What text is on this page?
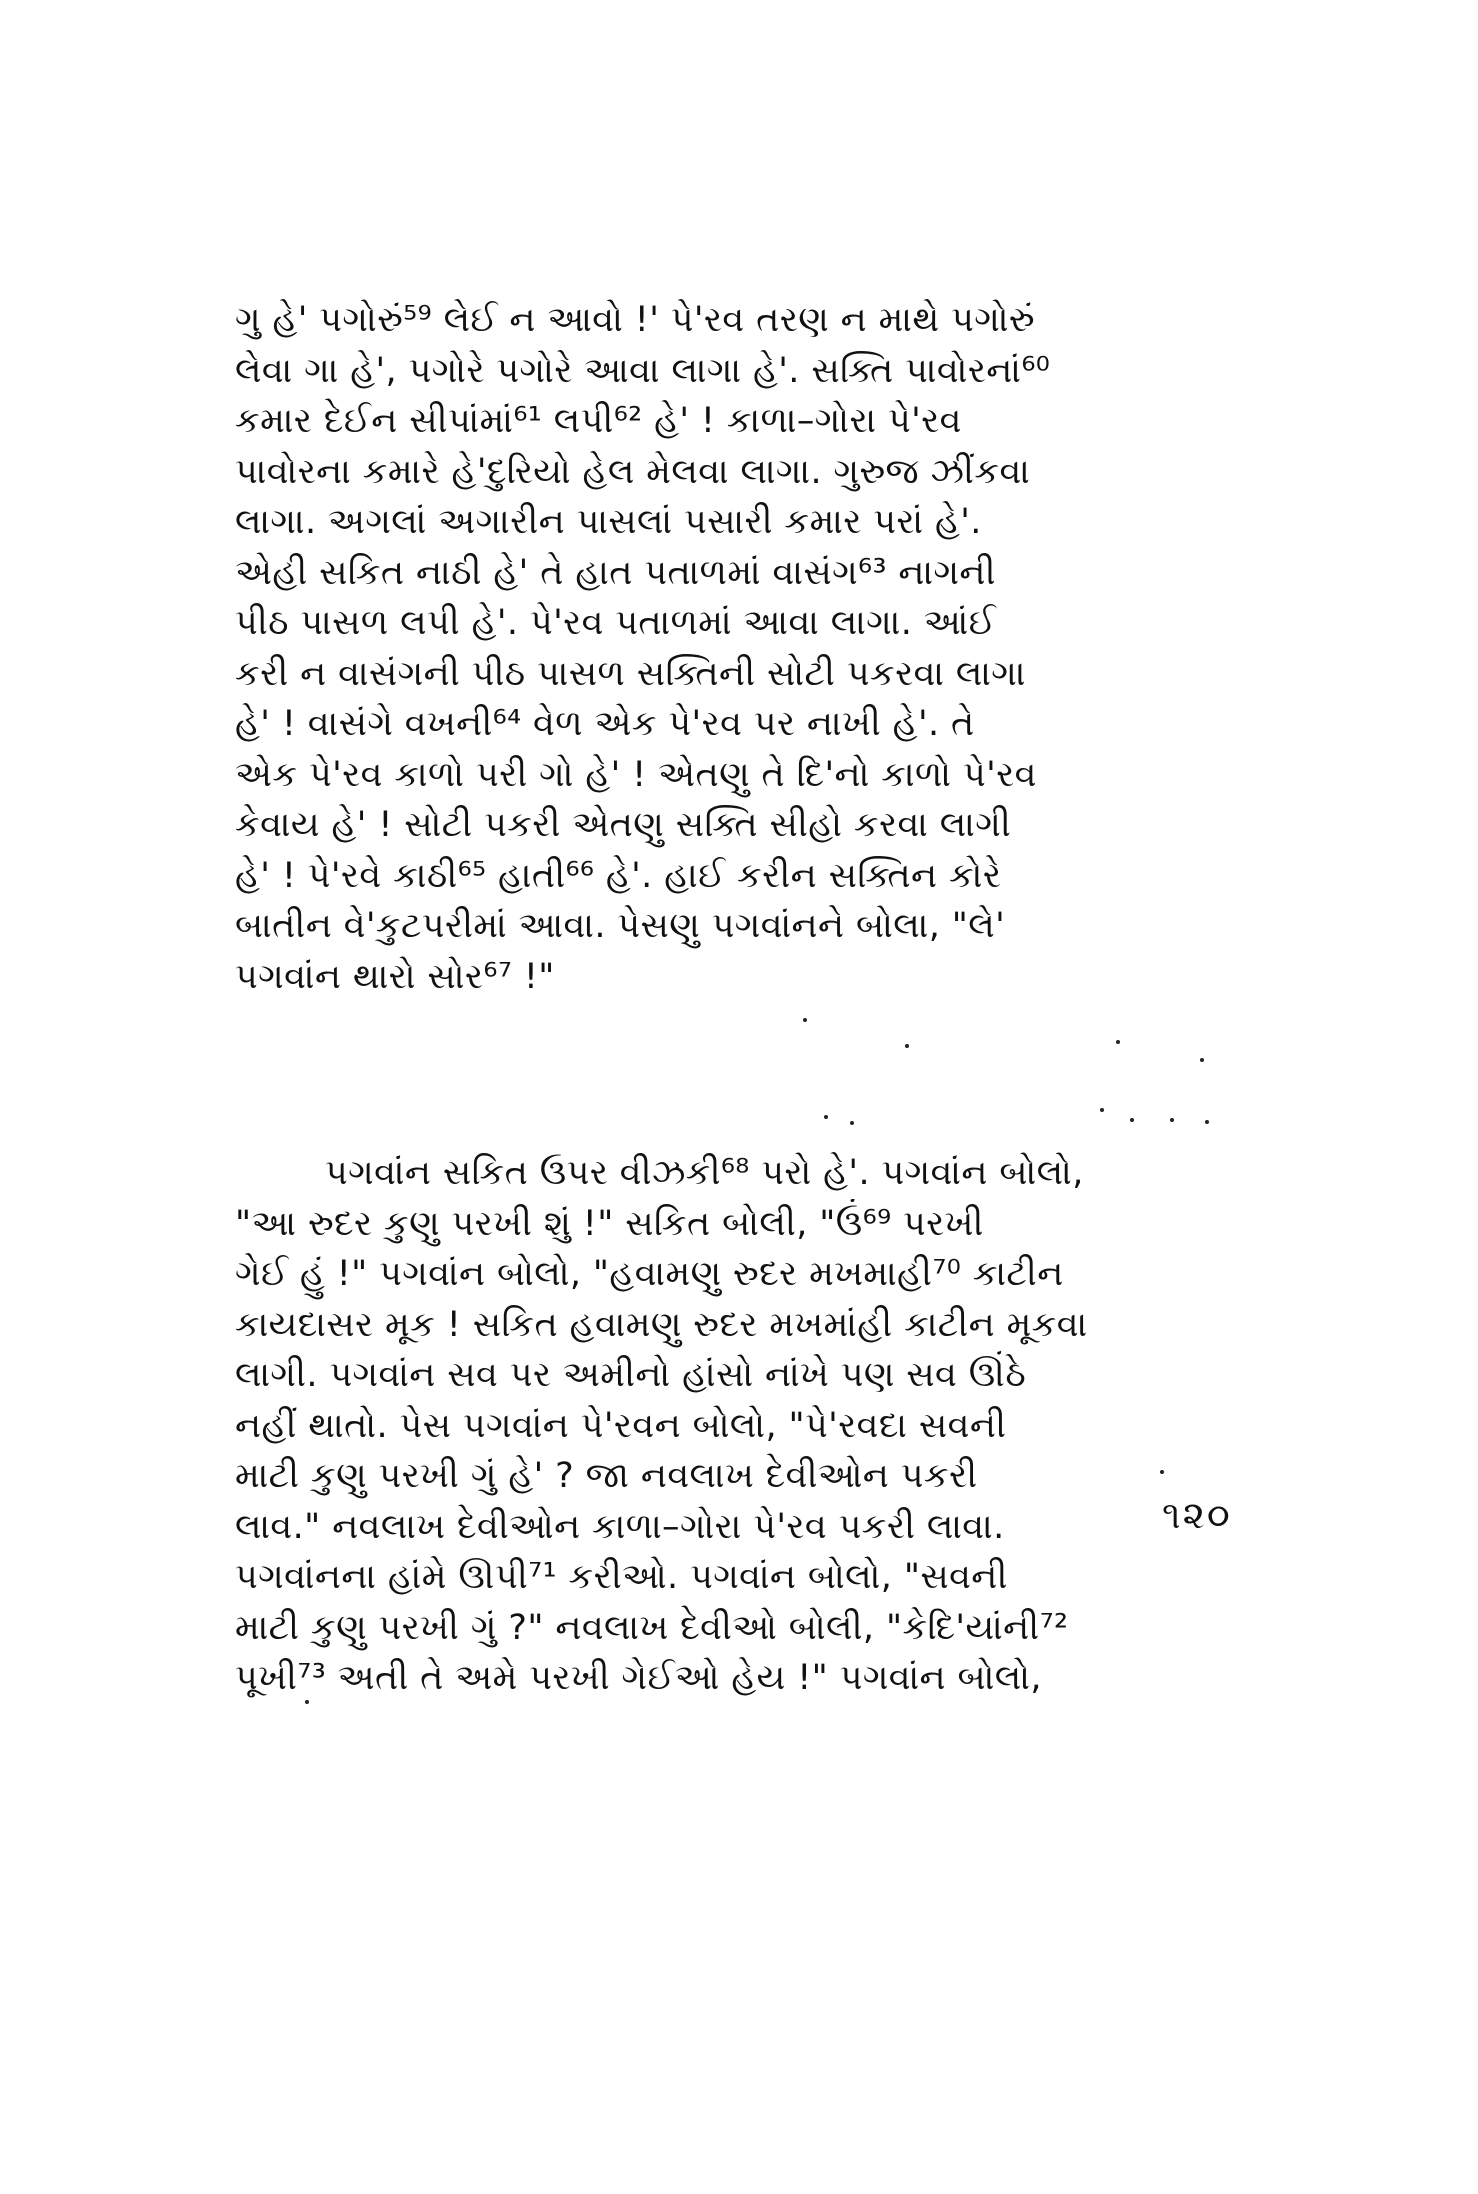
ગુ હે' પગોરું⁵⁹ લેઈ ન આવો !' પે'રવ તરણ ન માથે પગોરું
લેવા ગા હે', પગોરે પગોરે આવા લાગા હે'. સક્તિ પાવોરનાં⁶⁰
કમાર દેઈન સીપાંમાં⁶¹ લપી⁶² હે' ! કાળા–ગોરા પે'રવ
પાવોરના કમારે હે'દુરિયો હેલ મેલવા લાગા. ગુરુજ ઝીંકવા
લાગા. અગલાં અગારીન પાસલાં પસારી કમાર પરાં હે'.
એહી સકિત નાઠી હે' તે હાત પતાળમાં વાસંગ⁶³ નાગની
પીઠ પાસળ લપી હે'. પે'રવ પતાળમાં આવા લાગા. આંઈ
કરી ન વાસંગની પીઠ પાસળ સક્તિની સોટી પકરવા લાગા
હે' ! વાસંગે વખની⁶⁴ વેળ એક પે'રવ પર નાખી હે'. તે
એક પે'રવ કાળો પરી ગો હે' ! એતણુ તે દિ'નો કાળો પે'રવ
કેવાય હે' ! સોટી પકરી એતણુ સક્તિ સીહો કરવા લાગી
હે' ! પે'રવે કાઠી⁶⁵ હાતી⁶⁶ હે'. હાઈ કરીન સક્તિન કોરે
બાતીન વે'કુટપરીમાં આવા. પેસણુ પગવાંનને બોલા, "લે'
પગવાંન થારો સોર⁶⁷ !"
પગવાંન સકિત ઉપર વીઝકી⁶⁸ પરો હે'. પગવાંન બોલો,
"આ રુદર કુણુ પરખી શું !" સકિત બોલી, "ઉં⁶⁹ પરખી
ગેઈ હું !" પગવાંન બોલો, "હવામણુ રુદર મખમાહી⁷⁰ કાટીન
કાયદાસર મૂક ! સકિત હવામણુ રુદર મખમાંહી કાટીન મૂકવા
લાગી. પગવાંન સવ પર અમીનો હાંસો નાંખે પણ સવ ઊંઠે
નહીં થાતો. પેસ પગવાંન પે'રવન બોલો, "પે'રવદા સવની
માટી કુણુ પરખી ગું હે' ? જા નવલાખ દેવીઓન પકરી
લાવ." નવલાખ દેવીઓન કાળા–ગોરા પે'રવ પકરી લાવા.
પગવાંનના હાંમે ઊપી⁷¹ કરીઓ. પગવાંન બોલો, "સવની
માટી કુણુ પરખી ગું ?" નવલાખ દેવીઓ બોલી, "કેદિ'યાંની⁷²
પૂખી⁷³ અતી તે અમે પરખી ગેઈઓ હેય !" પગવાંન બોલો,
૧૨૦
